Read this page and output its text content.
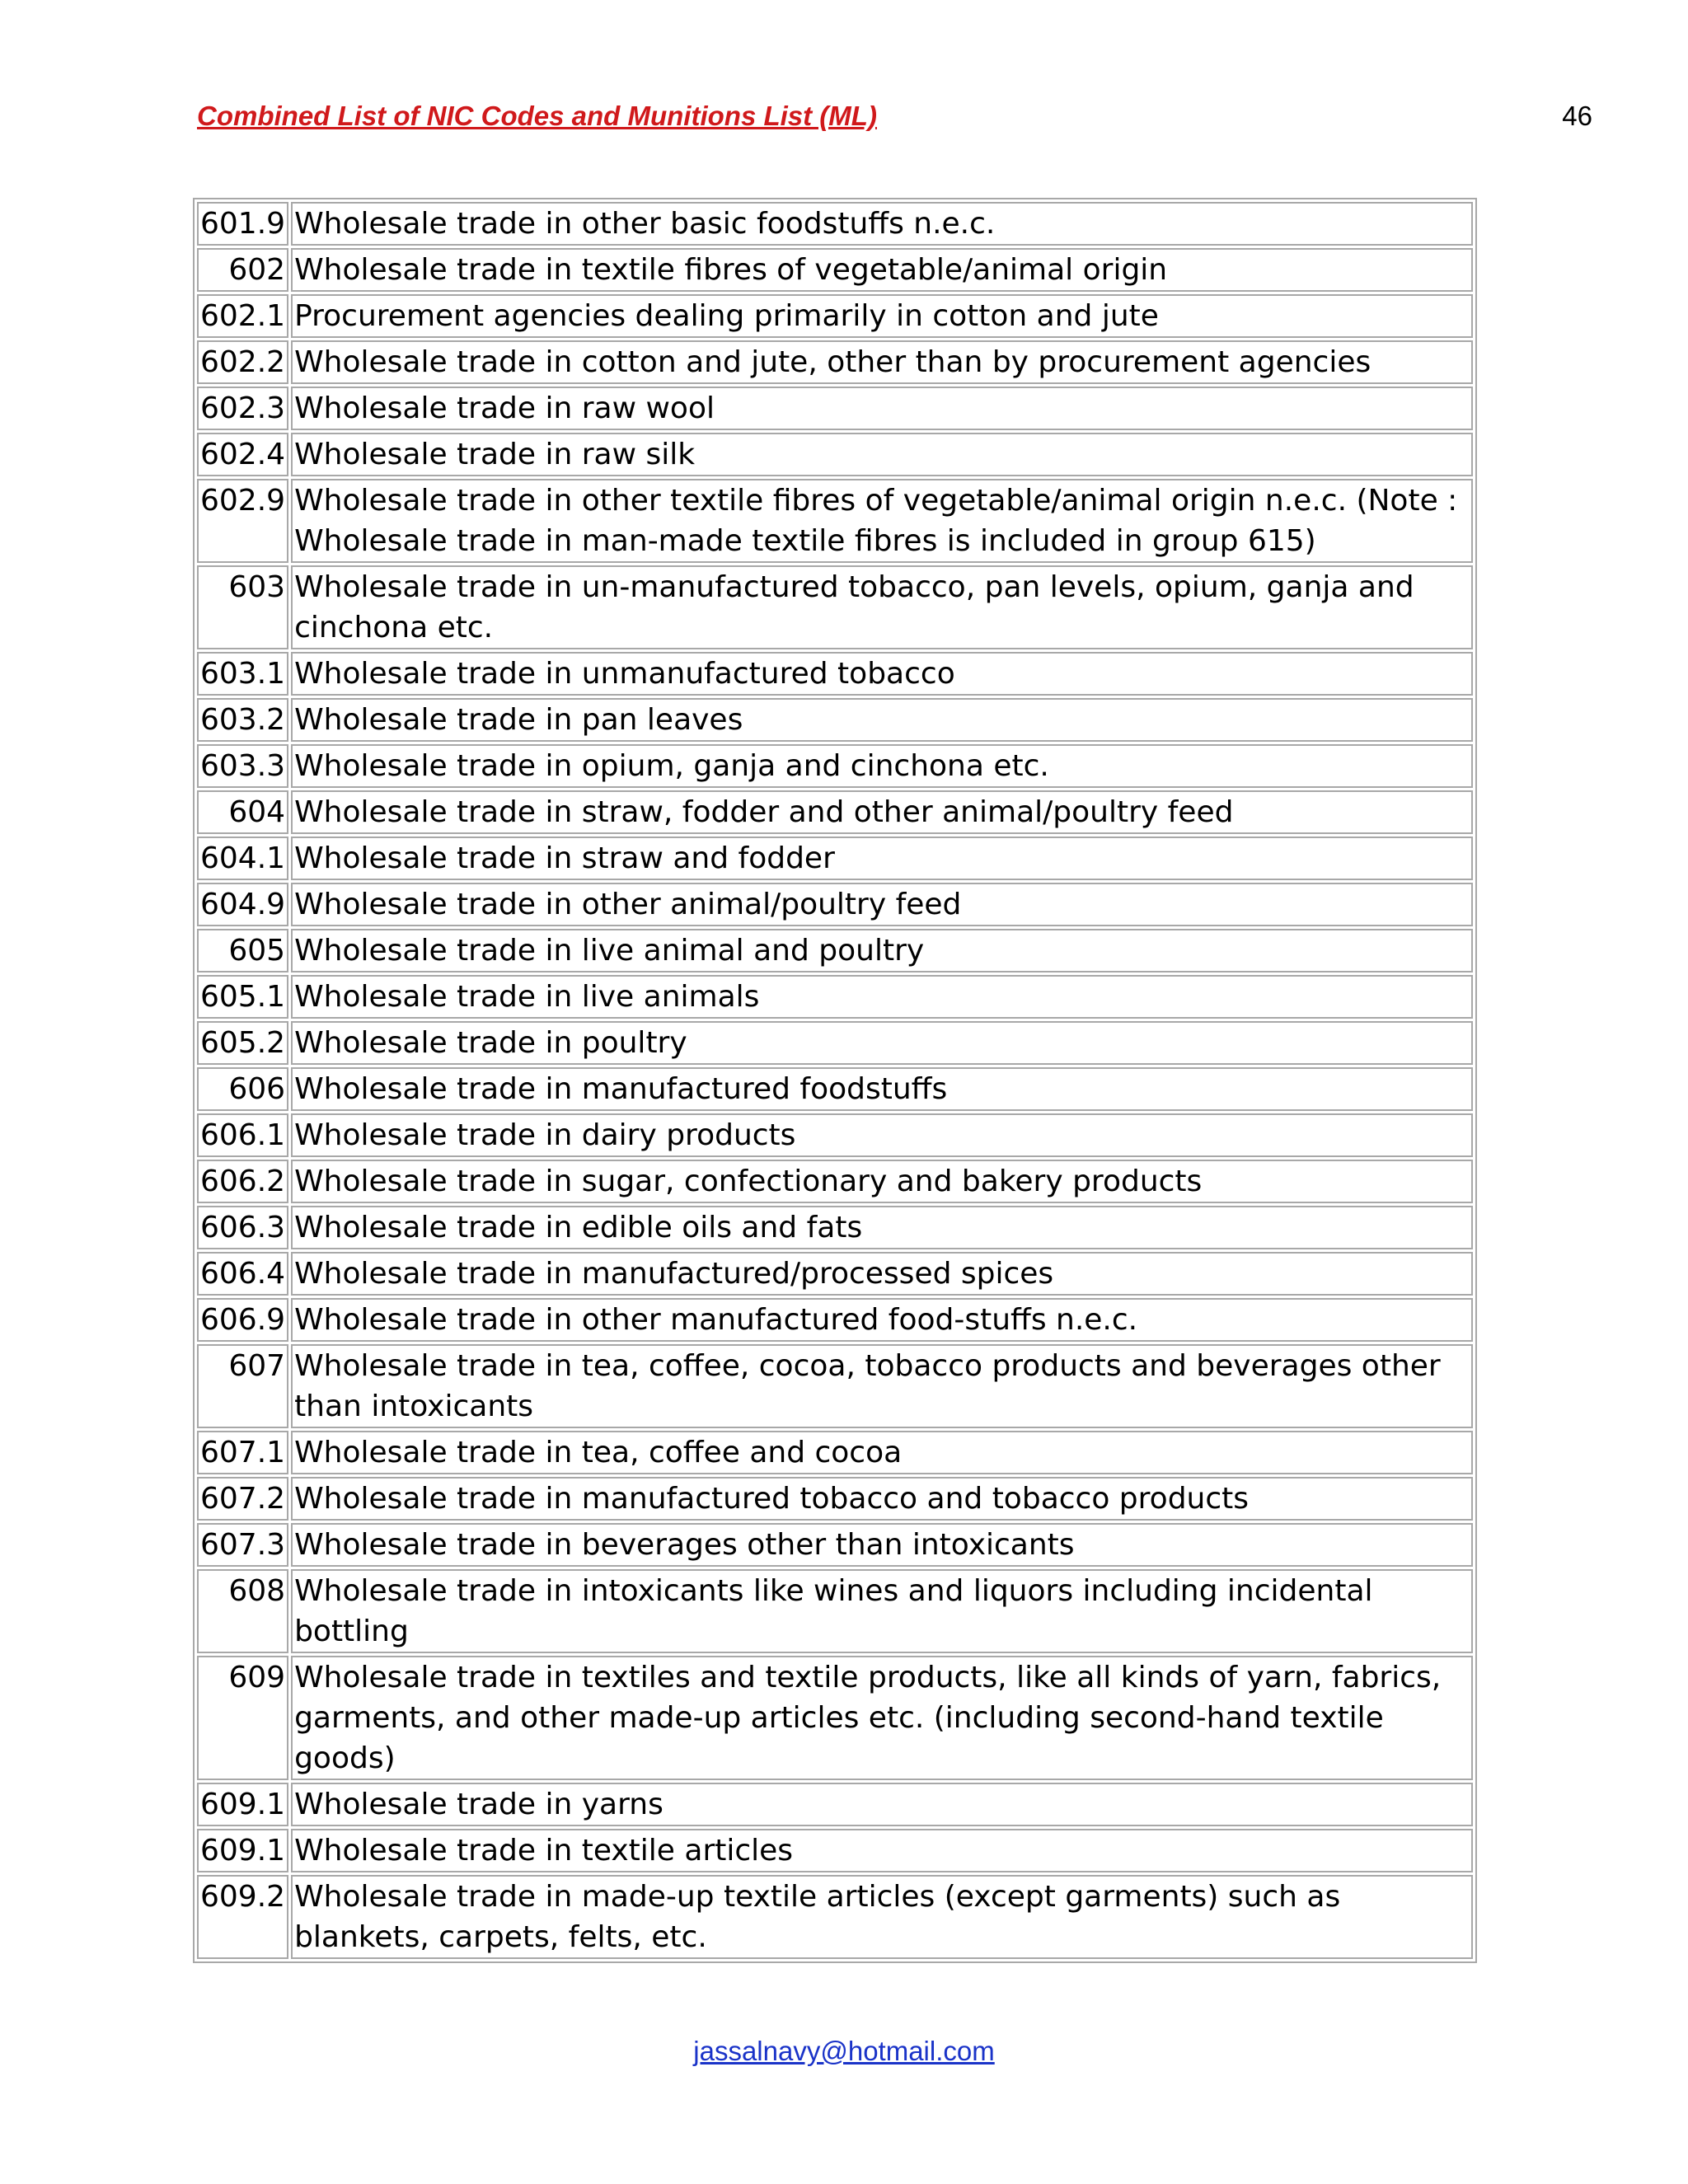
Combined List of NIC Codes and Munitions List (ML)	46
601.9	Wholesale trade in other basic foodstuffs n.e.c.
602	Wholesale trade in textile fibres of vegetable/animal origin
602.1	Procurement agencies dealing primarily in cotton and jute
602.2	Wholesale trade in cotton and jute, other than by procurement agencies
602.3	Wholesale trade in raw wool
602.4	Wholesale trade in raw silk
602.9	Wholesale trade in other textile fibres of vegetable/animal origin n.e.c. (Note : Wholesale trade in man-made textile fibres is included in group 615)
603	Wholesale trade in un-manufactured tobacco, pan levels, opium, ganja and cinchona etc.
603.1	Wholesale trade in unmanufactured tobacco
603.2	Wholesale trade in pan leaves
603.3	Wholesale trade in opium, ganja and cinchona etc.
604	Wholesale trade in straw, fodder and other animal/poultry feed
604.1	Wholesale trade in straw and fodder
604.9	Wholesale trade in other animal/poultry feed
605	Wholesale trade in live animal and poultry
605.1	Wholesale trade in live animals
605.2	Wholesale trade in poultry
606	Wholesale trade in manufactured foodstuffs
606.1	Wholesale trade in dairy products
606.2	Wholesale trade in sugar, confectionary and bakery products
606.3	Wholesale trade in edible oils and fats
606.4	Wholesale trade in manufactured/processed spices
606.9	Wholesale trade in other manufactured food-stuffs n.e.c.
607	Wholesale trade in tea, coffee, cocoa, tobacco products and beverages other than intoxicants
607.1	Wholesale trade in tea, coffee and cocoa
607.2	Wholesale trade in manufactured tobacco and tobacco products
607.3	Wholesale trade in beverages other than intoxicants
608	Wholesale trade in intoxicants like wines and liquors including incidental bottling
609	Wholesale trade in textiles and textile products, like all kinds of yarn, fabrics, garments, and other made-up articles etc. (including second-hand textile goods)
609.1	Wholesale trade in yarns
609.1	Wholesale trade in textile articles
609.2	Wholesale trade in made-up textile articles (except garments) such as blankets, carpets, felts, etc.
jassalnavy@hotmail.com
